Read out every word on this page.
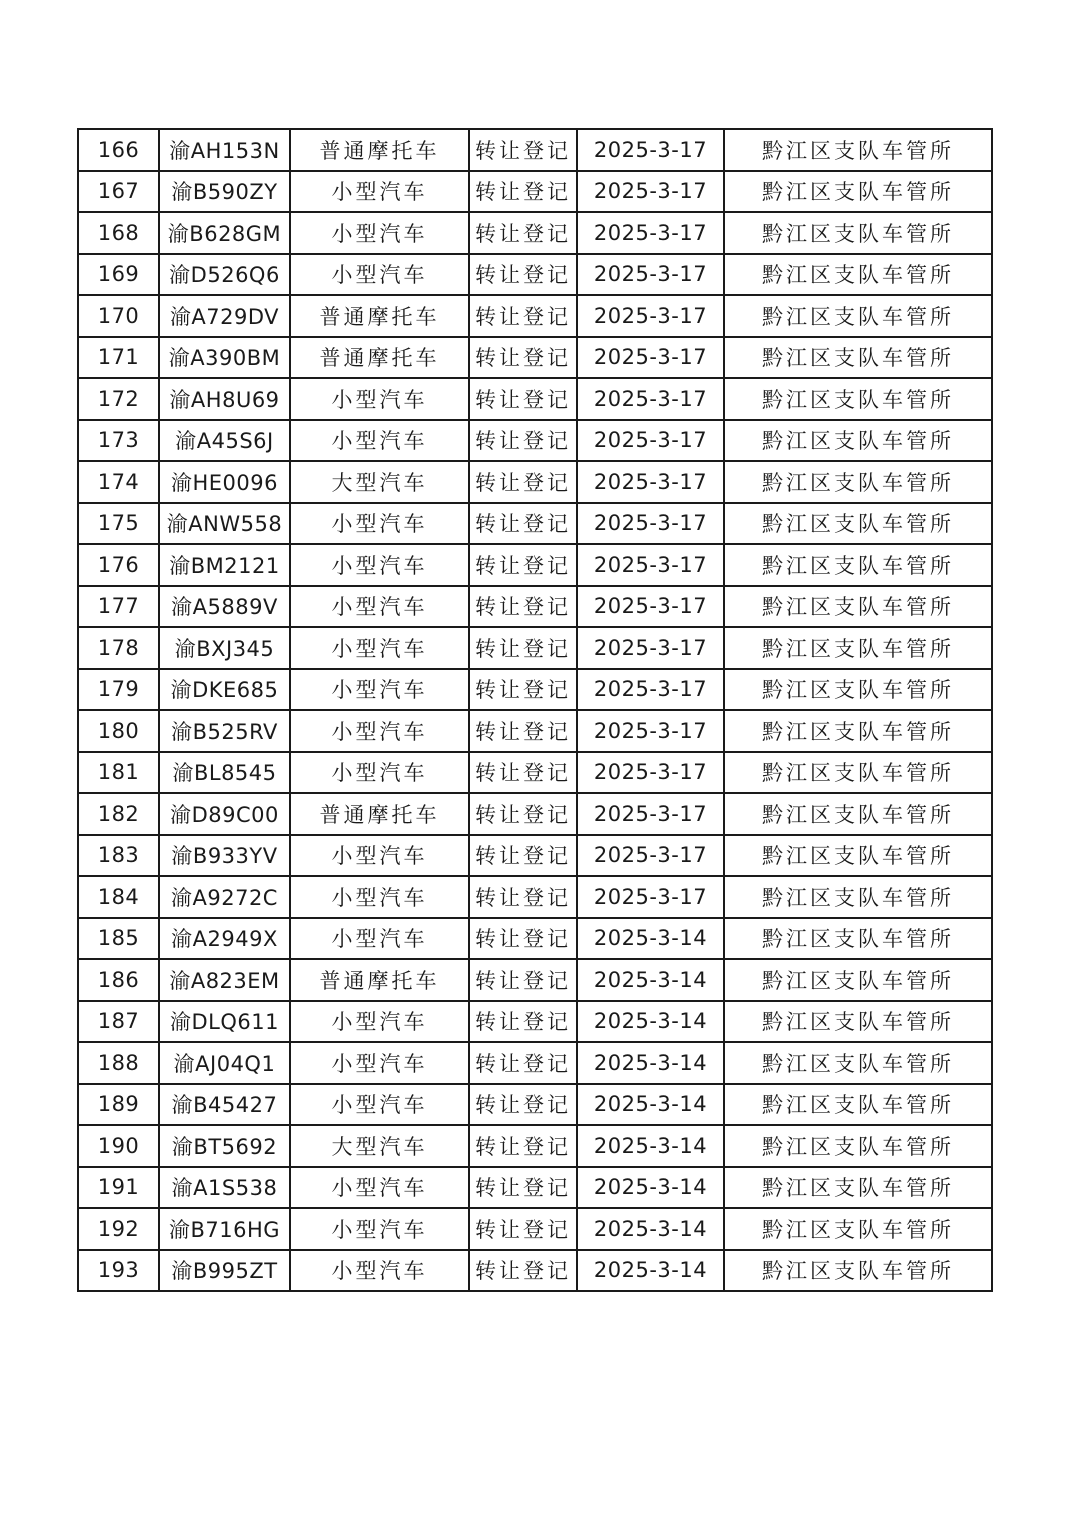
166	渝AH153N	普通摩托车	转让登记	2025-3-17	黔江区支队车管所
167	渝B590ZY	小型汽车	转让登记	2025-3-17	黔江区支队车管所
168	渝B628GM	小型汽车	转让登记	2025-3-17	黔江区支队车管所
169	渝D526Q6	小型汽车	转让登记	2025-3-17	黔江区支队车管所
170	渝A729DV	普通摩托车	转让登记	2025-3-17	黔江区支队车管所
171	渝A390BM	普通摩托车	转让登记	2025-3-17	黔江区支队车管所
172	渝AH8U69	小型汽车	转让登记	2025-3-17	黔江区支队车管所
173	渝A45S6J	小型汽车	转让登记	2025-3-17	黔江区支队车管所
174	渝HE0096	大型汽车	转让登记	2025-3-17	黔江区支队车管所
175	渝ANW558	小型汽车	转让登记	2025-3-17	黔江区支队车管所
176	渝BM2121	小型汽车	转让登记	2025-3-17	黔江区支队车管所
177	渝A5889V	小型汽车	转让登记	2025-3-17	黔江区支队车管所
178	渝BXJ345	小型汽车	转让登记	2025-3-17	黔江区支队车管所
179	渝DKE685	小型汽车	转让登记	2025-3-17	黔江区支队车管所
180	渝B525RV	小型汽车	转让登记	2025-3-17	黔江区支队车管所
181	渝BL8545	小型汽车	转让登记	2025-3-17	黔江区支队车管所
182	渝D89C00	普通摩托车	转让登记	2025-3-17	黔江区支队车管所
183	渝B933YV	小型汽车	转让登记	2025-3-17	黔江区支队车管所
184	渝A9272C	小型汽车	转让登记	2025-3-17	黔江区支队车管所
185	渝A2949X	小型汽车	转让登记	2025-3-14	黔江区支队车管所
186	渝A823EM	普通摩托车	转让登记	2025-3-14	黔江区支队车管所
187	渝DLQ611	小型汽车	转让登记	2025-3-14	黔江区支队车管所
188	渝AJ04Q1	小型汽车	转让登记	2025-3-14	黔江区支队车管所
189	渝B45427	小型汽车	转让登记	2025-3-14	黔江区支队车管所
190	渝BT5692	大型汽车	转让登记	2025-3-14	黔江区支队车管所
191	渝A1S538	小型汽车	转让登记	2025-3-14	黔江区支队车管所
192	渝B716HG	小型汽车	转让登记	2025-3-14	黔江区支队车管所
193	渝B995ZT	小型汽车	转让登记	2025-3-14	黔江区支队车管所
